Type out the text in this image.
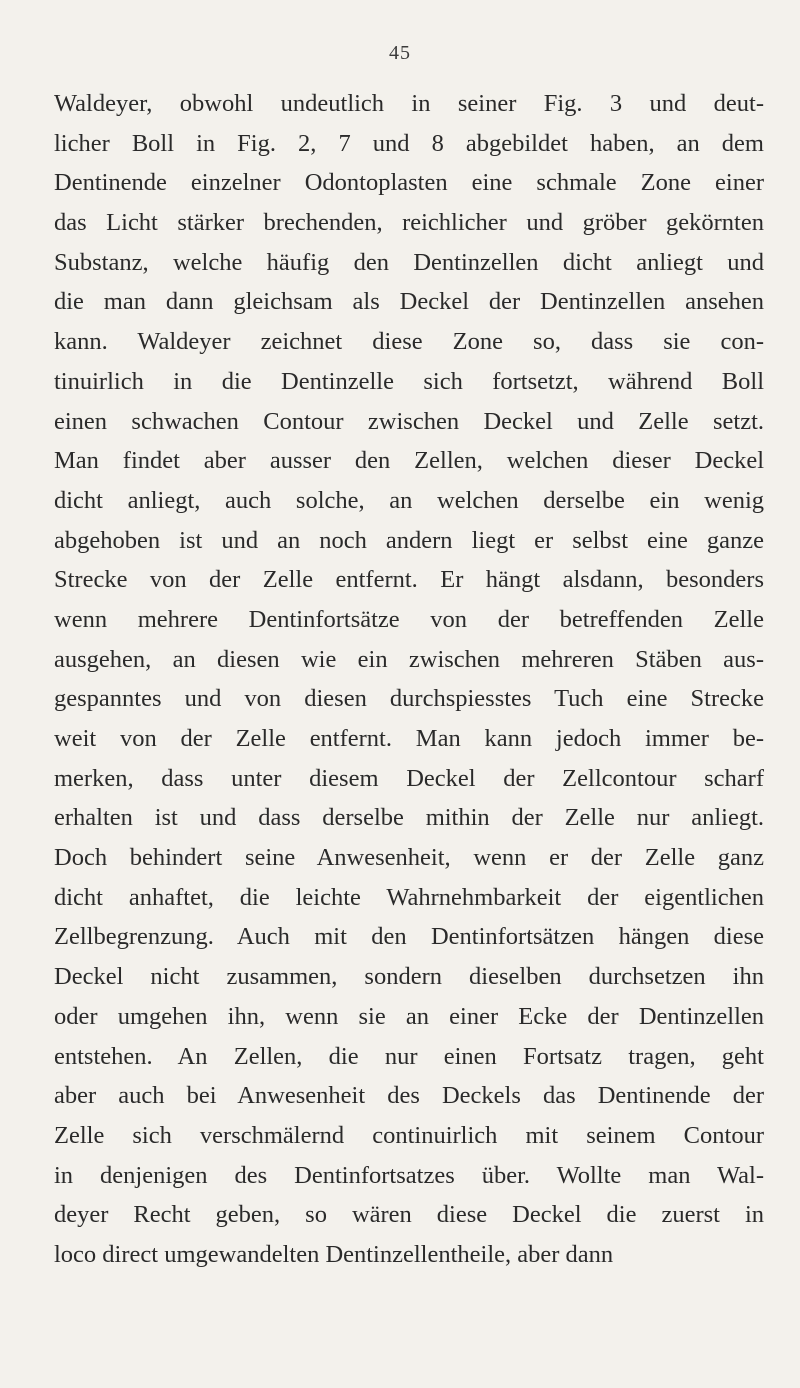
45
Waldeyer, obwohl undeutlich in seiner Fig. 3 und deut-
licher Boll in Fig. 2, 7 und 8 abgebildet haben, an dem
Dentinende einzelner Odontoplasten eine schmale Zone einer
das Licht stärker brechenden, reichlicher und gröber gekörnten
Substanz, welche häufig den Dentinzellen dicht anliegt und
die man dann gleichsam als Deckel der Dentinzellen ansehen
kann. Waldeyer zeichnet diese Zone so, dass sie con-
tinuirlich in die Dentinzelle sich fortsetzt, während Boll
einen schwachen Contour zwischen Deckel und Zelle setzt.
Man findet aber ausser den Zellen, welchen dieser Deckel
dicht anliegt, auch solche, an welchen derselbe ein wenig
abgehoben ist und an noch andern liegt er selbst eine ganze
Strecke von der Zelle entfernt. Er hängt alsdann, besonders
wenn mehrere Dentinfortsätze von der betreffenden Zelle
ausgehen, an diesen wie ein zwischen mehreren Stäben aus-
gespanntes und von diesen durchspiesstes Tuch eine Strecke
weit von der Zelle entfernt. Man kann jedoch immer be-
merken, dass unter diesem Deckel der Zellcontour scharf
erhalten ist und dass derselbe mithin der Zelle nur anliegt.
Doch behindert seine Anwesenheit, wenn er der Zelle ganz
dicht anhaftet, die leichte Wahrnehmbarkeit der eigentlichen
Zellbegrenzung. Auch mit den Dentinfortsätzen hängen diese
Deckel nicht zusammen, sondern dieselben durchsetzen ihn
oder umgehen ihn, wenn sie an einer Ecke der Dentinzellen
entstehen. An Zellen, die nur einen Fortsatz tragen, geht
aber auch bei Anwesenheit des Deckels das Dentinende der
Zelle sich verschmälernd continuirlich mit seinem Contour
in denjenigen des Dentinfortsatzes über. Wollte man Wal-
deyer Recht geben, so wären diese Deckel die zuerst in
loco direct umgewandelten Dentinzellentheile, aber dann
